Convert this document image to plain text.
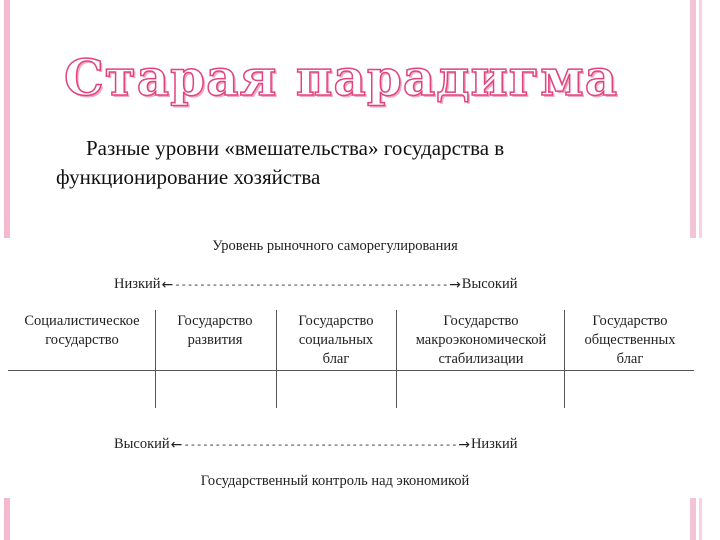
Старая парадигма
Разные уровни «вмешательства» государства в функционирование хозяйства
Уровень рыночного саморегулирования
Низкий ← -------------------------------------------- → Высокий
Социалистическое государство
Государство развития
Государство социальных благ
Государство макроэкономической стабилизации
Государство общественных благ
Высокий ← -------------------------------------------- → Низкий
Государственный контроль над экономикой
